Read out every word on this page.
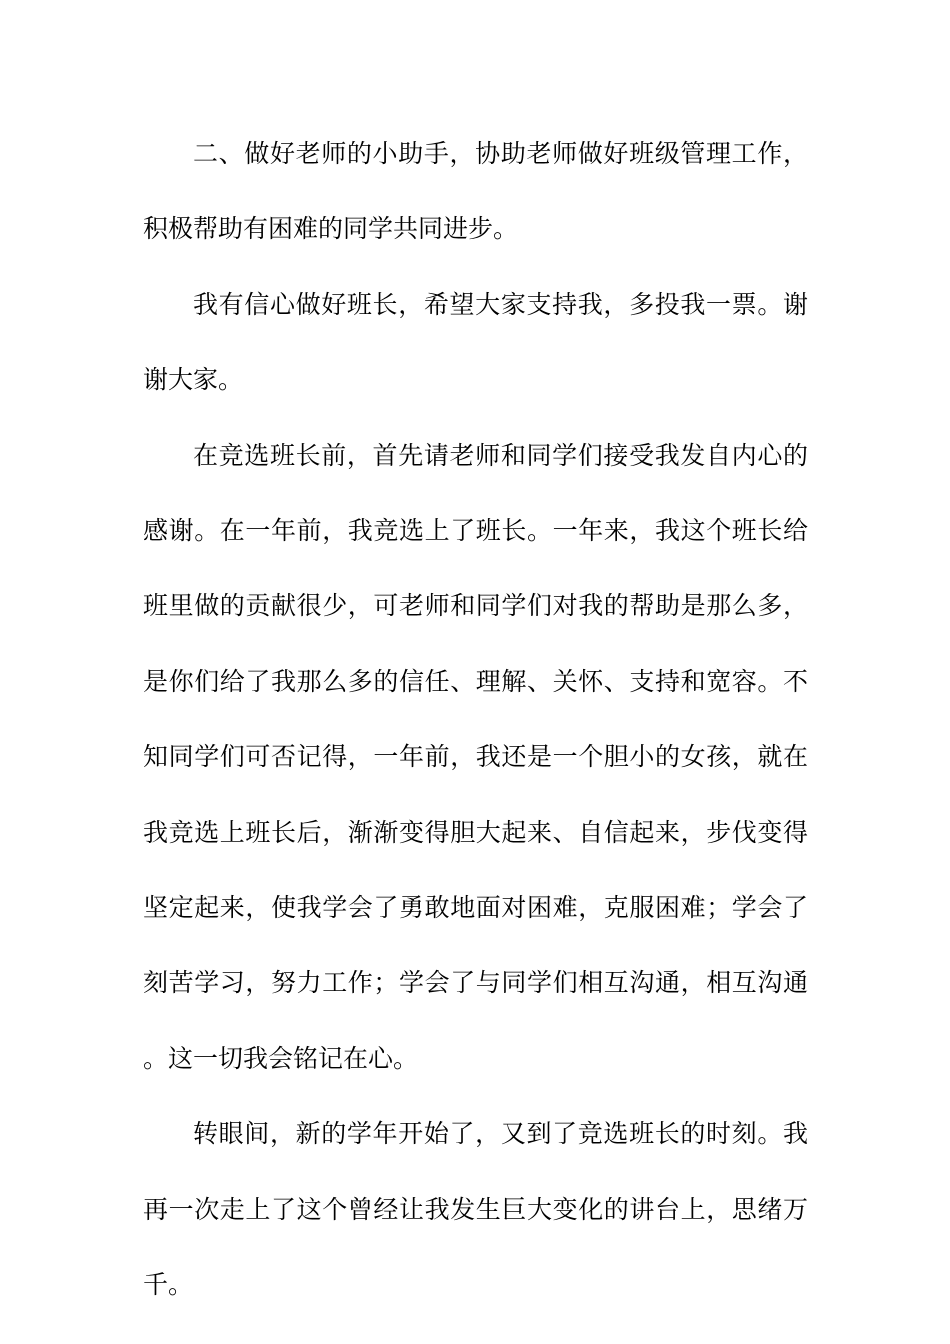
二、做好老师的小助手，协助老师做好班级管理工作，积极帮助有困难的同学共同进步。

我有信心做好班长，希望大家支持我，多投我一票。谢谢大家。

在竞选班长前，首先请老师和同学们接受我发自内心的感谢。在一年前，我竞选上了班长。一年来，我这个班长给班里做的贡献很少，可老师和同学们对我的帮助是那么多，是你们给了我那么多的信任、理解、关怀、支持和宽容。不知同学们可否记得，一年前，我还是一个胆小的女孩，就在我竞选上班长后，渐渐变得胆大起来、自信起来，步伐变得坚定起来，使我学会了勇敢地面对困难，克服困难；学会了刻苦学习，努力工作；学会了与同学们相互沟通，相互沟通。这一切我会铭记在心。

转眼间，新的学年开始了，又到了竞选班长的时刻。我再一次走上了这个曾经让我发生巨大变化的讲台上，思绪万千。
